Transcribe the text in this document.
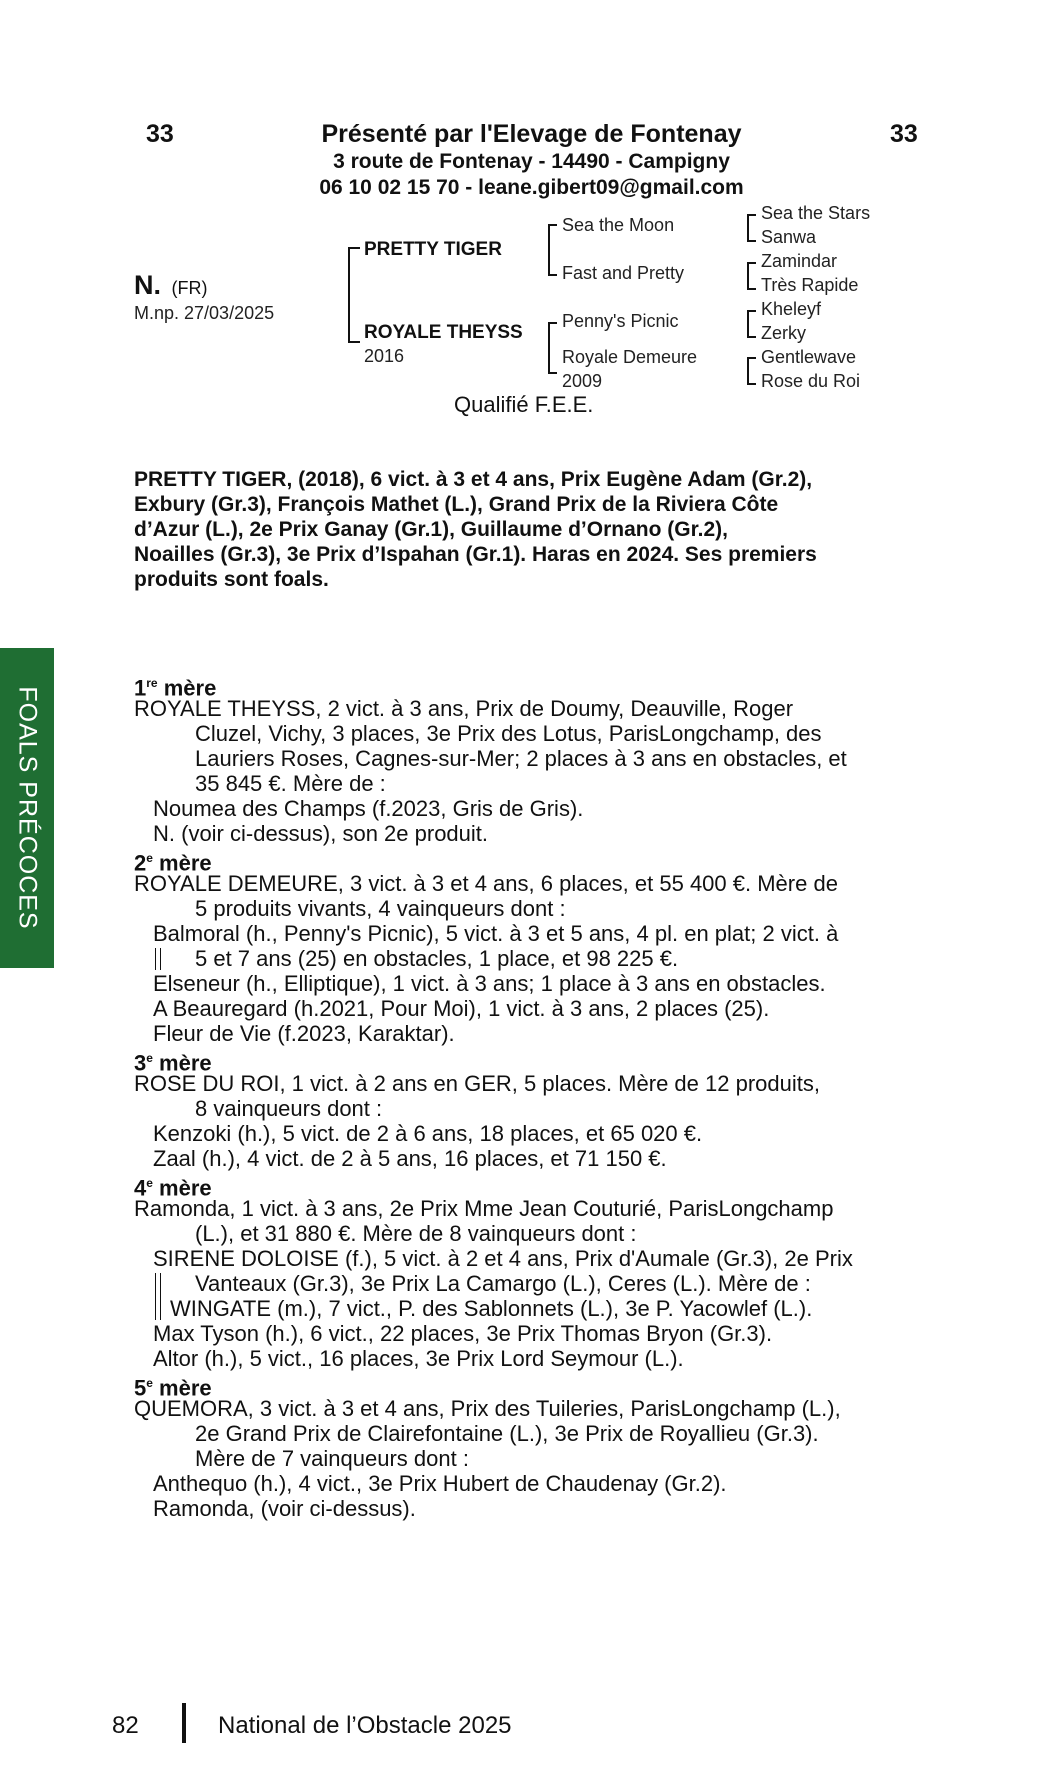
33	Présenté par l'Elevage de Fontenay	33
3 route de Fontenay - 14490 - Campigny
06 10 02 15 70 - leane.gibert09@gmail.com
N. (FR)
M.np. 27/03/2025
PRETTY TIGER
ROYALE THEYSS
2016
Sea the Moon
Fast and Pretty
Penny's Picnic
Royale Demeure
2009
Sea the Stars
Sanwa
Zamindar
Très Rapide
Kheleyf
Zerky
Gentlewave
Rose du Roi
Qualifié F.E.E.
PRETTY TIGER, (2018), 6 vict. à 3 et 4 ans, Prix Eugène Adam (Gr.2),
Exbury (Gr.3), François Mathet (L.), Grand Prix de la Riviera Côte
d’Azur (L.), 2e Prix Ganay (Gr.1), Guillaume d’Ornano (Gr.2),
Noailles (Gr.3), 3e Prix d’Ispahan (Gr.1). Haras en 2024. Ses premiers
produits sont foals.
FOALS PRÉCOCES	1re mère
ROYALE THEYSS, 2 vict. à 3 ans, Prix de Doumy, Deauville, Roger
Cluzel, Vichy, 3 places, 3e Prix des Lotus, ParisLongchamp, des
Lauriers Roses, Cagnes-sur-Mer; 2 places à 3 ans en obstacles, et
35 845 €. Mère de :
Noumea des Champs (f.2023, Gris de Gris).
N. (voir ci-dessus), son 2e produit.
2e mère
ROYALE DEMEURE, 3 vict. à 3 et 4 ans, 6 places, et 55 400 €. Mère de
5 produits vivants, 4 vainqueurs dont :
Balmoral (h., Penny's Picnic), 5 vict. à 3 et 5 ans, 4 pl. en plat; 2 vict. à
5 et 7 ans (25) en obstacles, 1 place, et 98 225 €.
Elseneur (h., Elliptique), 1 vict. à 3 ans; 1 place à 3 ans en obstacles.
A Beauregard (h.2021, Pour Moi), 1 vict. à 3 ans, 2 places (25).
Fleur de Vie (f.2023, Karaktar).
3e mère
ROSE DU ROI, 1 vict. à 2 ans en GER, 5 places. Mère de 12 produits,
8 vainqueurs dont :
Kenzoki (h.), 5 vict. de 2 à 6 ans, 18 places, et 65 020 €.
Zaal (h.), 4 vict. de 2 à 5 ans, 16 places, et 71 150 €.
4e mère
Ramonda, 1 vict. à 3 ans, 2e Prix Mme Jean Couturié, ParisLongchamp
(L.), et 31 880 €. Mère de 8 vainqueurs dont :
SIRENE DOLOISE (f.), 5 vict. à 2 et 4 ans, Prix d'Aumale (Gr.3), 2e Prix
Vanteaux (Gr.3), 3e Prix La Camargo (L.), Ceres (L.). Mère de :
WINGATE (m.), 7 vict., P. des Sablonnets (L.), 3e P. Yacowlef (L.).
Max Tyson (h.), 6 vict., 22 places, 3e Prix Thomas Bryon (Gr.3).
Altor (h.), 5 vict., 16 places, 3e Prix Lord Seymour (L.).
5e mère
QUEMORA, 3 vict. à 3 et 4 ans, Prix des Tuileries, ParisLongchamp (L.),
2e Grand Prix de Clairefontaine (L.), 3e Prix de Royallieu (Gr.3).
Mère de 7 vainqueurs dont :
Anthequo (h.), 4 vict., 3e Prix Hubert de Chaudenay (Gr.2).
Ramonda, (voir ci-dessus).
82	National de l’Obstacle 2025
